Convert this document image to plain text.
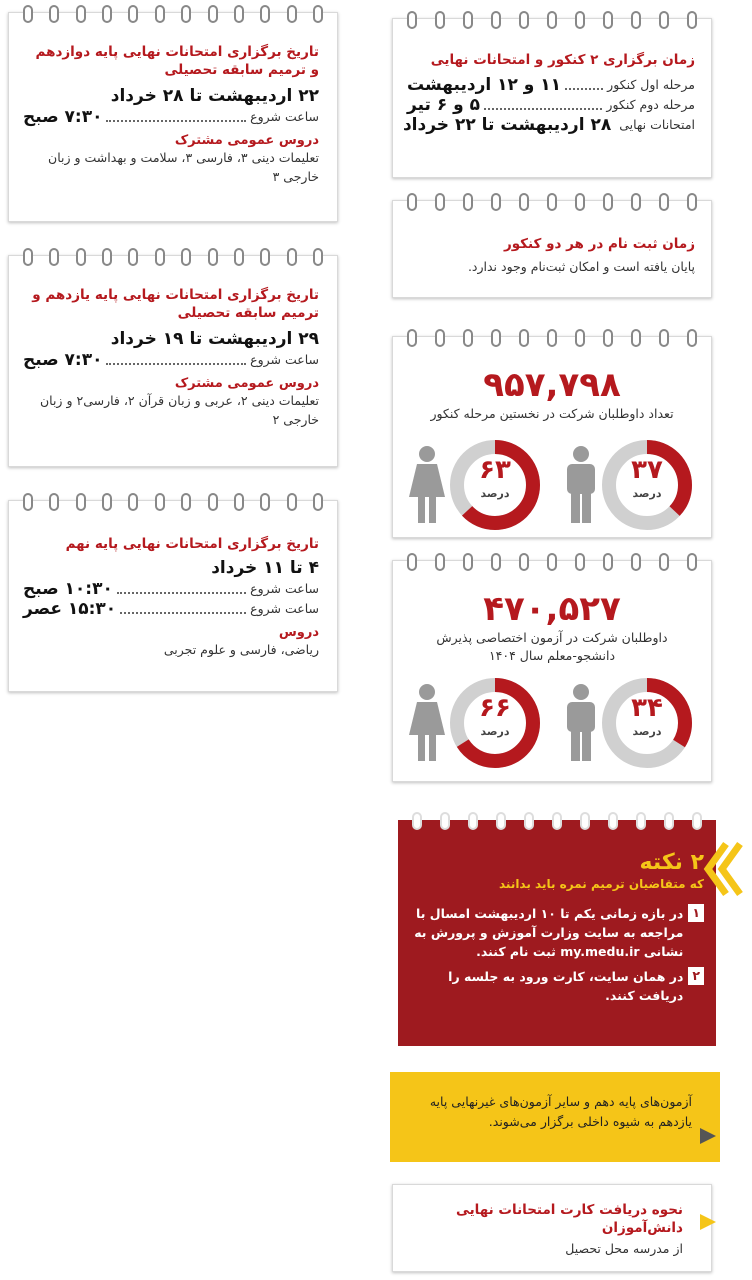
تاریخ برگزاری امتحانات نهایی پایه دوازدهم و ترمیم سابقه تحصیلی
۲۲ اردیبهشت تا ۲۸ خرداد
ساعت شروع
۷:۳۰ صبح
دروس عمومی مشترک
تعلیمات دینی ۳، فارسی ۳، سلامت و بهداشت و زبان خارجی ۳
تاریخ برگزاری امتحانات نهایی پایه یازدهم و ترمیم سابقه تحصیلی
۲۹ اردیبهشت تا ۱۹ خرداد
ساعت شروع
۷:۳۰ صبح
دروس عمومی مشترک
تعلیمات دینی ۲، عربی و زبان قرآن ۲، فارسی۲ و زبان خارجی ۲
تاریخ برگزاری امتحانات نهایی پایه نهم
۴ تا ۱۱ خرداد
ساعت شروع
۱۰:۳۰ صبح
ساعت شروع
۱۵:۳۰ عصر
دروس
ریاضی، فارسی و علوم تجربی
زمان برگزاری ۲ کنکور و امتحانات نهایی
مرحله اول کنکور
۱۱ و ۱۲ اردیبهشت
مرحله دوم کنکور
۵ و ۶ تیر
امتحانات نهایی
۲۸ اردیبهشت تا ۲۲ خرداد
زمان ثبت نام در هر دو کنکور
پایان یافته است و امکان ثبت‌نام وجود ندارد.
۹۵۷,۷۹۸
تعداد داوطلبان شرکت در نخستین مرحله کنکور
۳۷
درصد
۶۳
درصد
۴۷۰,۵۲۷
داوطلبان شرکت در آزمون اختصاصی پذیرش دانشجو-معلم سال ۱۴۰۴
۳۴
درصد
۶۶
درصد
۲ نکته
که متقاضیان ترمیم نمره باید بدانند
۱
در بازه زمانی یکم تا ۱۰ اردیبهشت امسال با مراجعه به سایت وزارت آموزش و پرورش به نشانی my.medu.ir ثبت نام کنند.
۲
در همان سایت، کارت ورود به جلسه را دریافت کنند.
آزمون‌های پایه دهم و سایر آزمون‌های غیرنهایی پایه یازدهم به شیوه داخلی برگزار می‌شوند.
نحوه دریافت کارت امتحانات نهایی دانش‌آموزان
از مدرسه محل تحصیل
